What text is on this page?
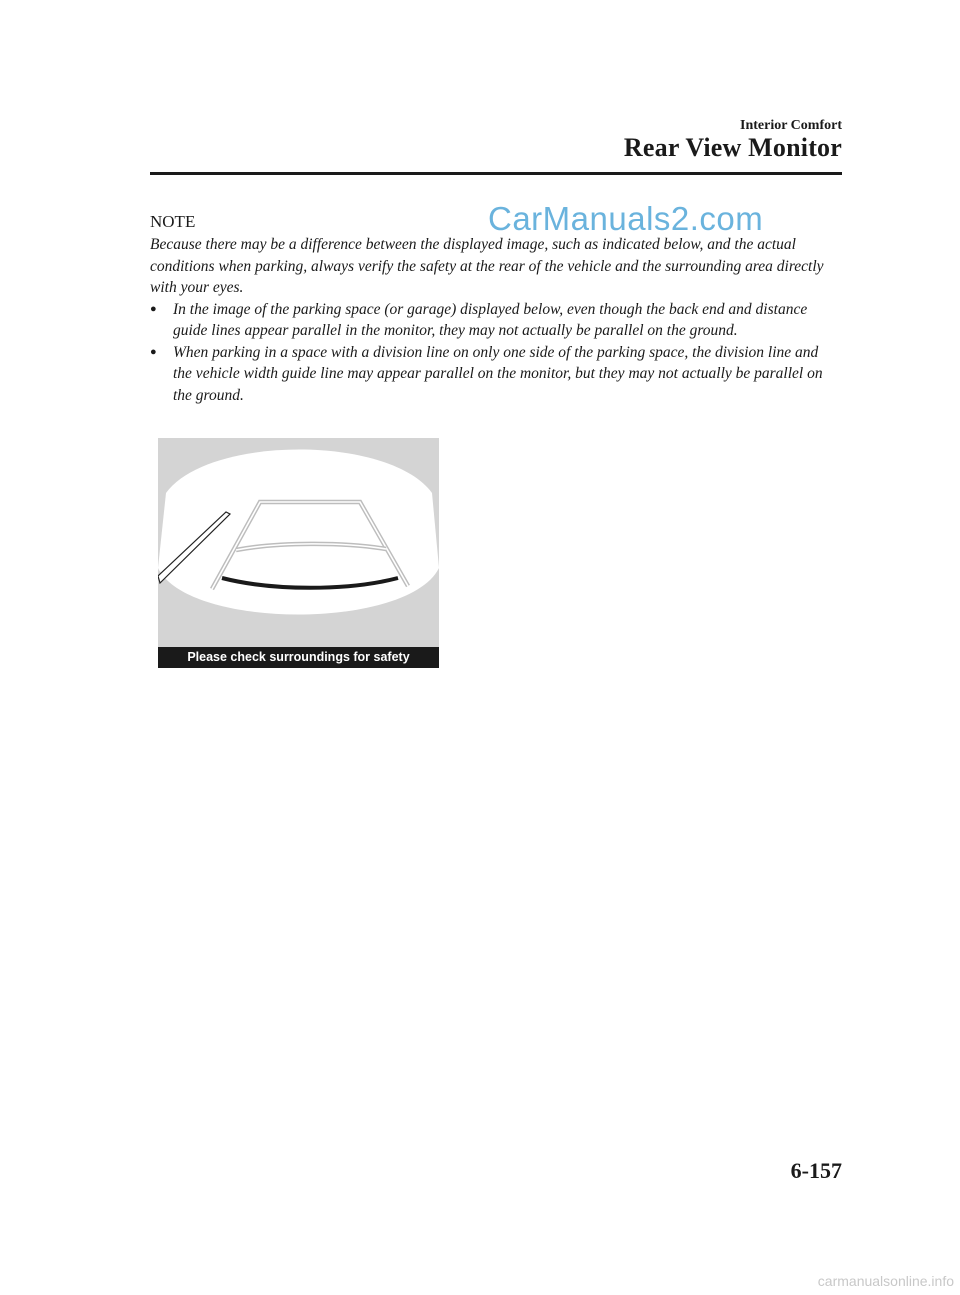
Interior Comfort
Rear View Monitor
NOTE

Because there may be a difference between the displayed image, such as indicated below, and the actual conditions when parking, always verify the safety at the rear of the vehicle and the surrounding area directly with your eyes.

● In the image of the parking space (or garage) displayed below, even though the back end and distance guide lines appear parallel in the monitor, they may not actually be parallel on the ground.
● When parking in a space with a division line on only one side of the parking space, the division line and the vehicle width guide line may appear parallel on the monitor, but they may not actually be parallel on the ground.
CarManuals2.com
Please check surroundings for safety
6-157
carmanualsonline.info
